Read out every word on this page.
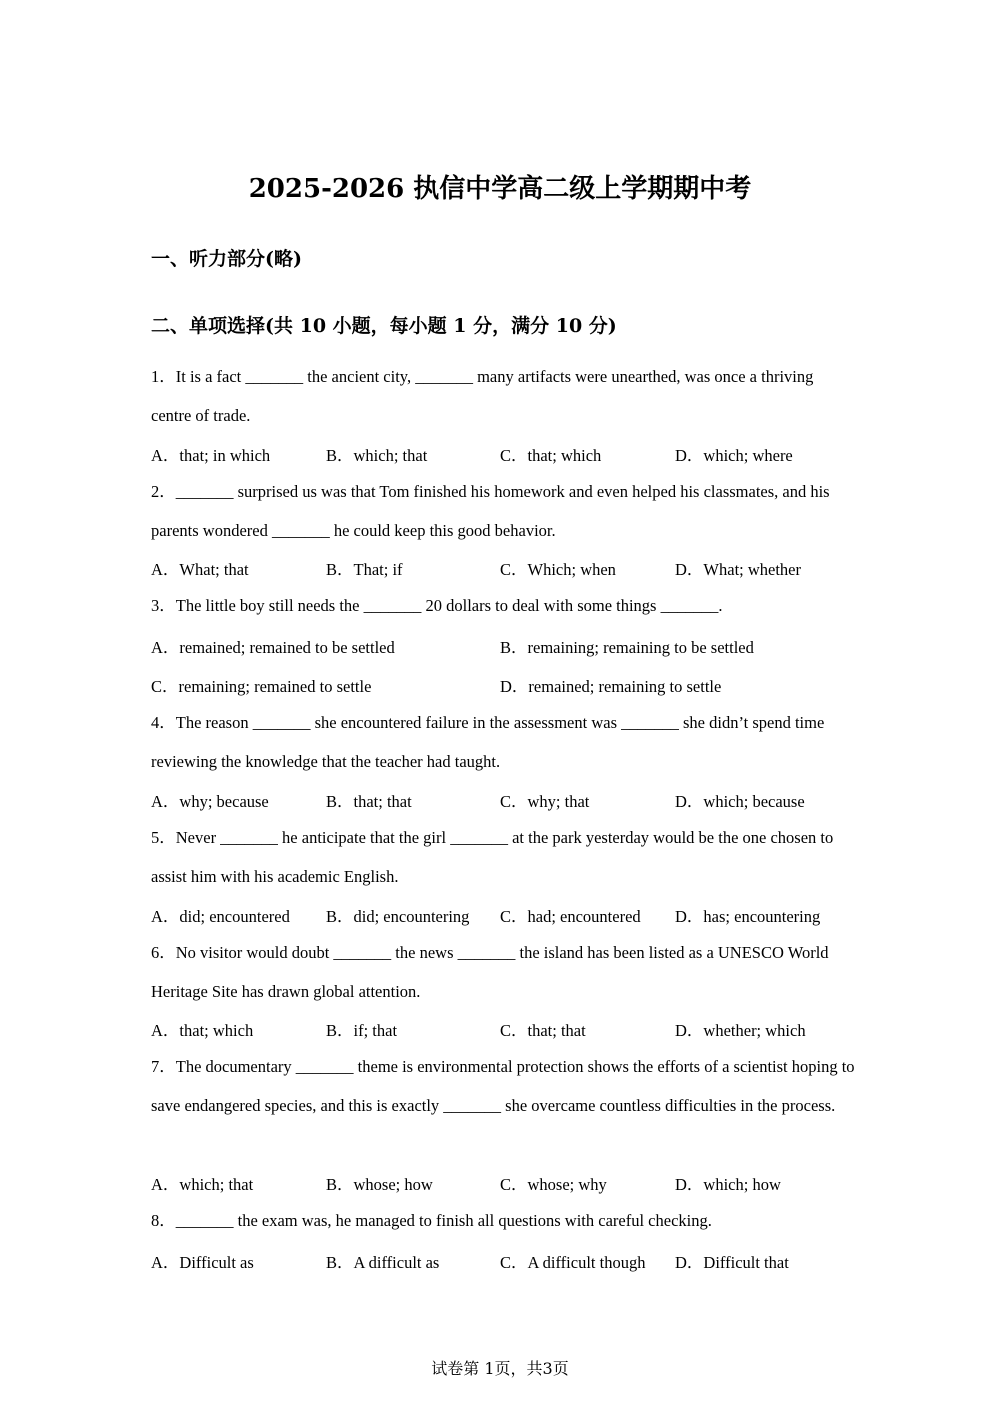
2025-2026 执信中学高二级上学期期中考
一、听力部分(略)
二、单项选择(共 10 小题，每小题 1 分，满分 10 分)

1．It is a fact _______ the ancient city, _______ many artifacts were unearthed, was once a thriving centre of trade.

A．that; in which	B．which; that	C．that; which	D．which; where

2．_______ surprised us was that Tom finished his homework and even helped his classmates, and his parents wondered _______ he could keep this good behavior.

A．What; that	B．That; if	C．Which; when	D．What; whether

3．The little boy still needs the _______ 20 dollars to deal with some things _______.

A．remained; remained to be settled	B．remaining; remaining to be settled
C．remaining; remained to settle	D．remained; remaining to settle

4．The reason _______ she encountered failure in the assessment was _______ she didn’t spend time reviewing the knowledge that the teacher had taught.

A．why; because	B．that; that	C．why; that	D．which; because

5．Never _______ he anticipate that the girl _______ at the park yesterday would be the one chosen to assist him with his academic English.

A．did; encountered B．did; encountering C．had; encountered D．has; encountering

6．No visitor would doubt _______ the news _______ the island has been listed as a UNESCO World Heritage Site has drawn global attention.

A．that; which	B．if; that	C．that; that	D．whether; which

7．The documentary _______ theme is environmental protection shows the efforts of a scientist hoping to save endangered species, and this is exactly _______ she overcame countless difficulties in the process.

A．which; that	B．whose; how	C．whose; why	D．which; how

8．_______ the exam was, he managed to finish all questions with careful checking.

A．Difficult as	B．A difficult as	C．A difficult though D．Difficult that
试卷第 1页，共3页
